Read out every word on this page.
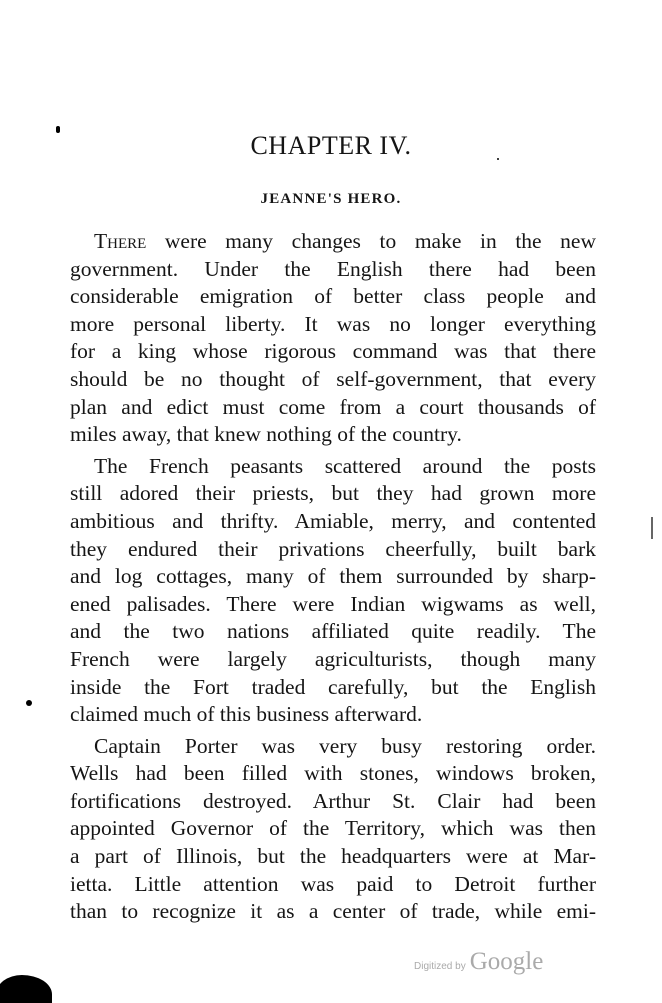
CHAPTER IV.
JEANNE'S HERO.
There were many changes to make in the new
government. Under the English there had been
considerable emigration of better class people and
more personal liberty. It was no longer everything
for a king whose rigorous command was that there
should be no thought of self-government, that every
plan and edict must come from a court thousands of
miles away, that knew nothing of the country.
The French peasants scattered around the posts
still adored their priests, but they had grown more
ambitious and thrifty. Amiable, merry, and contented
they endured their privations cheerfully, built bark
and log cottages, many of them surrounded by sharp-
ened palisades. There were Indian wigwams as well,
and the two nations affiliated quite readily. The
French were largely agriculturists, though many
inside the Fort traded carefully, but the English
claimed much of this business afterward.
Captain Porter was very busy restoring order.
Wells had been filled with stones, windows broken,
fortifications destroyed. Arthur St. Clair had been
appointed Governor of the Territory, which was then
a part of Illinois, but the headquarters were at Mar-
ietta. Little attention was paid to Detroit further
than to recognize it as a center of trade, while emi-
Digitized by Google
